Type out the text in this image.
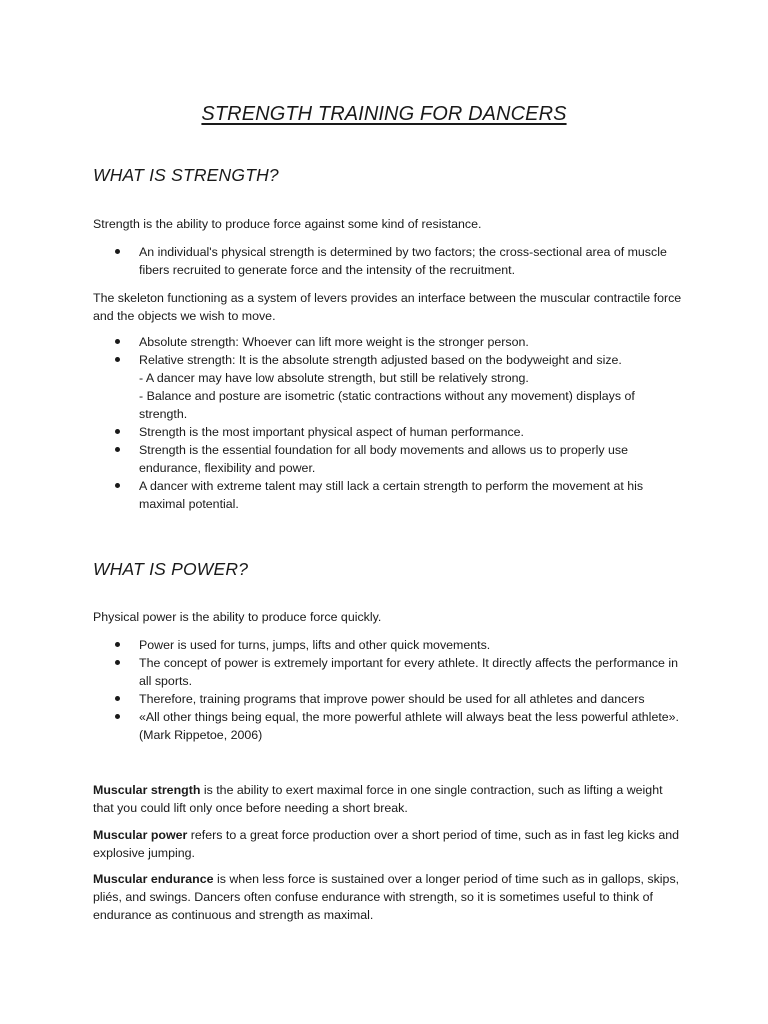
STRENGTH TRAINING FOR DANCERS
WHAT IS STRENGTH?
Strength is the ability to produce force against some kind of resistance.
An individual's physical strength is determined by two factors; the cross-sectional area of muscle fibers recruited to generate force and the intensity of the recruitment.
The skeleton functioning as a system of levers provides an interface between the muscular contractile force and the objects we wish to move.
Absolute strength: Whoever can lift more weight is the stronger person.
Relative strength: It is the absolute strength adjusted based on the bodyweight and size.
- A dancer may have low absolute strength, but still be relatively strong.
- Balance and posture are isometric (static contractions without any movement) displays of strength.
Strength is the most important physical aspect of human performance.
Strength is the essential foundation for all body movements and allows us to properly use endurance, flexibility and power.
A dancer with extreme talent may still lack a certain strength to perform the movement at his maximal potential.
WHAT IS POWER?
Physical power is the ability to produce force quickly.
Power is used for turns, jumps, lifts and other quick movements.
The concept of power is extremely important for every athlete. It directly affects the performance in all sports.
Therefore, training programs that improve power should be used for all athletes and dancers
«All other things being equal, the more powerful athlete will always beat the less powerful athlete». (Mark Rippetoe, 2006)
Muscular strength is the ability to exert maximal force in one single contraction, such as lifting a weight that you could lift only once before needing a short break.
Muscular power refers to a great force production over a short period of time, such as in fast leg kicks and explosive jumping.
Muscular endurance is when less force is sustained over a longer period of time such as in gallops, skips, pliés, and swings. Dancers often confuse endurance with strength, so it is sometimes useful to think of endurance as continuous and strength as maximal.
